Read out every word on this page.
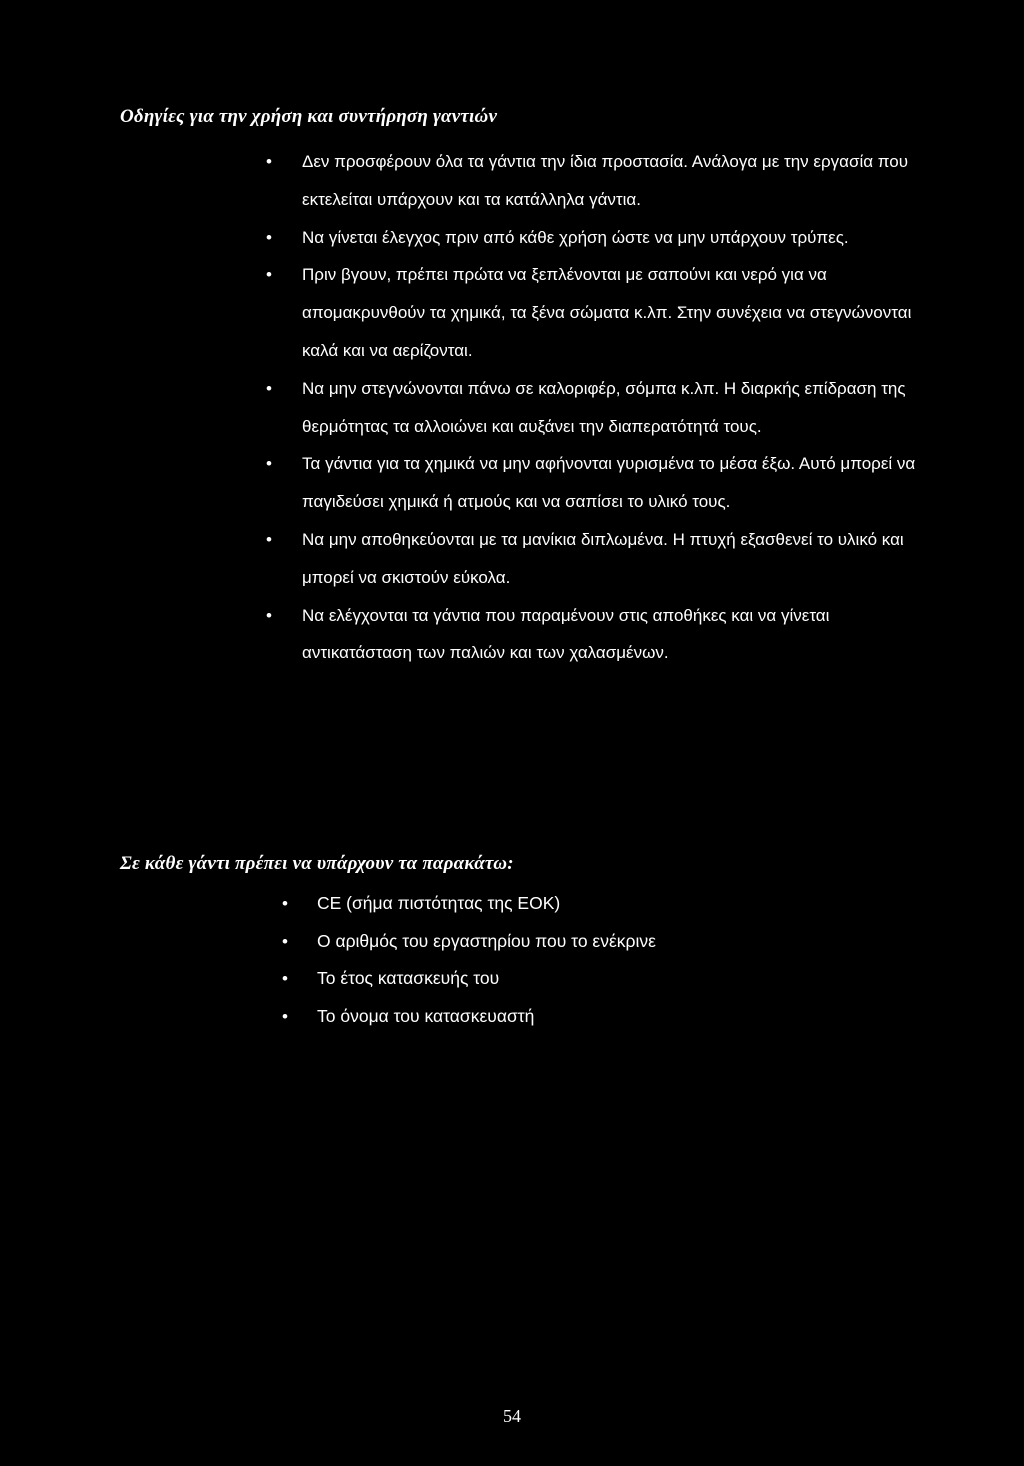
Οδηγίες για την χρήση και συντήρηση γαντιών
• Δεν προσφέρουν όλα τα γάντια την ίδια προστασία. Ανάλογα με την εργασία που εκτελείται υπάρχουν και τα κατάλληλα γάντια.
• Να γίνεται έλεγχος πριν από κάθε χρήση ώστε να μην υπάρχουν τρύπες.
• Πριν βγουν, πρέπει πρώτα να ξεπλένονται με σαπούνι και νερό για να απομακρυνθούν τα χημικά, τα ξένα σώματα κ.λπ. Στην συνέχεια να στεγνώνονται καλά και να αερίζονται.
• Να μην στεγνώνονται πάνω σε καλοριφέρ, σόμπα κ.λπ. Η διαρκής επίδραση της θερμότητας τα αλλοιώνει και αυξάνει την διαπερατότητά τους.
• Τα γάντια για τα χημικά να μην αφήνονται γυρισμένα το μέσα έξω. Αυτό μπορεί να παγιδεύσει χημικά ή ατμούς και να σαπίσει το υλικό τους.
• Να μην αποθηκεύονται με τα μανίκια διπλωμένα. Η πτυχή εξασθενεί το υλικό και μπορεί να σκιστούν εύκολα.
• Να ελέγχονται τα γάντια που παραμένουν στις αποθήκες και να γίνεται αντικατάσταση των παλιών και των χαλασμένων.
Σε κάθε γάντι πρέπει να υπάρχουν τα παρακάτω:
• CE (σήμα πιστότητας της ΕΟΚ)
• Ο αριθμός του εργαστηρίου που το ενέκρινε
• Το έτος κατασκευής του
• Το όνομα του κατασκευαστή
54
